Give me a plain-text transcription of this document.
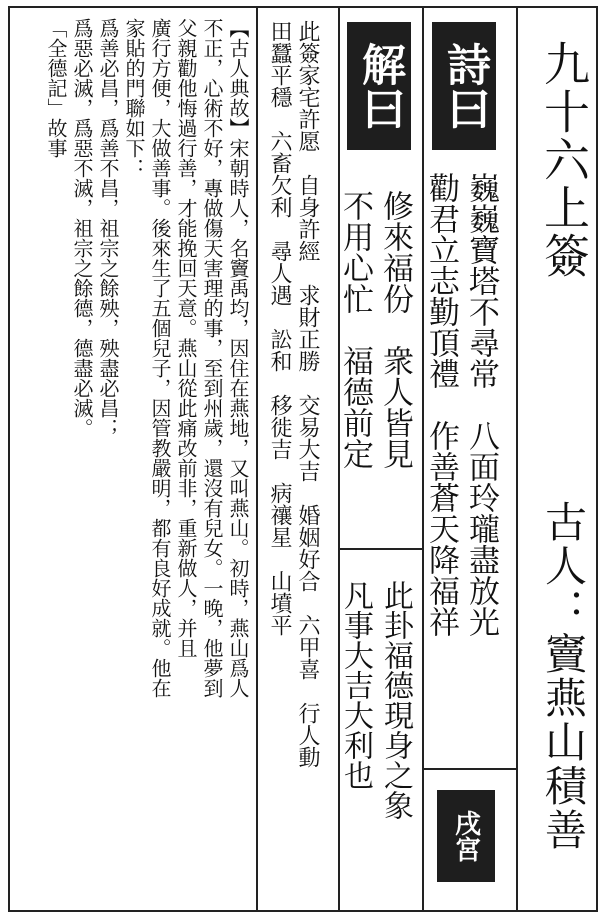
九十六上簽
古人：竇燕山積善
詩曰
解曰
戌宮
巍巍寶塔不尋常　八面玲瓏盡放光
勸君立志勤頂禮　作善蒼天降福祥
修來福份　衆人皆見
不用心忙　福德前定
此卦福德現身之象
凡事大吉大利也
此簽家宅許愿　自身許經　求財正勝　交易大吉　婚姻好合　六甲喜　行人動
田蠶平穩　六畜欠利　尋人遇　訟和　移徙吉　病禳星　山墳平
【古人典故】宋朝時人，名竇禹均，因住在燕地，又叫燕山。初時，燕山爲人
不正，心術不好，專做傷天害理的事，至到州歲，還沒有兒女。一晚，他夢到
父親勸他悔過行善，才能挽回天意。燕山從此痛改前非，重新做人，并且
廣行方便，大做善事。後來生了五個兒子，因管教嚴明，都有良好成就。他在
家貼的門聯如下：
爲善必昌，爲善不昌，祖宗之餘殃，殃盡必昌；
爲惡必滅，爲惡不滅，祖宗之餘德，德盡必滅。
「全德記」故事
